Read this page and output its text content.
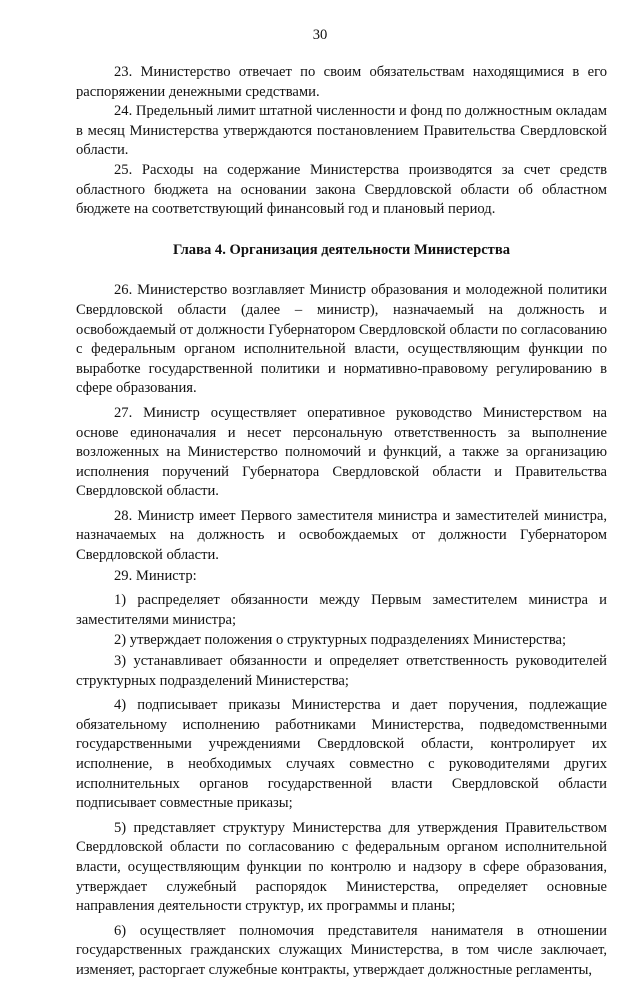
30

23. Министерство отвечает по своим обязательствам находящимися в его распоряжении денежными средствами.

24. Предельный лимит штатной численности и фонд по должностным окладам в месяц Министерства утверждаются постановлением Правительства Свердловской области.

25. Расходы на содержание Министерства производятся за счет средств областного бюджета на основании закона Свердловской области об областном бюджете на соответствующий финансовый год и плановый период.

Глава 4. Организация деятельности Министерства

26. Министерство возглавляет Министр образования и молодежной политики Свердловской области (далее – министр), назначаемый на должность и освобождаемый от должности Губернатором Свердловской области по согласованию с федеральным органом исполнительной власти, осуществляющим функции по выработке государственной политики и нормативно-правовому регулированию в сфере образования.

27. Министр осуществляет оперативное руководство Министерством на основе единоначалия и несет персональную ответственность за выполнение возложенных на Министерство полномочий и функций, а также за организацию исполнения поручений Губернатора Свердловской области и Правительства Свердловской области.

28. Министр имеет Первого заместителя министра и заместителей министра, назначаемых на должность и освобождаемых от должности Губернатором Свердловской области.

29. Министр:

1) распределяет обязанности между Первым заместителем министра и заместителями министра;

2) утверждает положения о структурных подразделениях Министерства;

3) устанавливает обязанности и определяет ответственность руководителей структурных подразделений Министерства;

4) подписывает приказы Министерства и дает поручения, подлежащие обязательному исполнению работниками Министерства, подведомственными государственными учреждениями Свердловской области, контролирует их исполнение, в необходимых случаях совместно с руководителями других исполнительных органов государственной власти Свердловской области подписывает совместные приказы;

5) представляет структуру Министерства для утверждения Правительством Свердловской области по согласованию с федеральным органом исполнительной власти, осуществляющим функции по контролю и надзору в сфере образования, утверждает служебный распорядок Министерства, определяет основные направления деятельности структур, их программы и планы;

6) осуществляет полномочия представителя нанимателя в отношении государственных гражданских служащих Министерства, в том числе заключает, изменяет, расторгает служебные контракты, утверждает должностные регламенты,
